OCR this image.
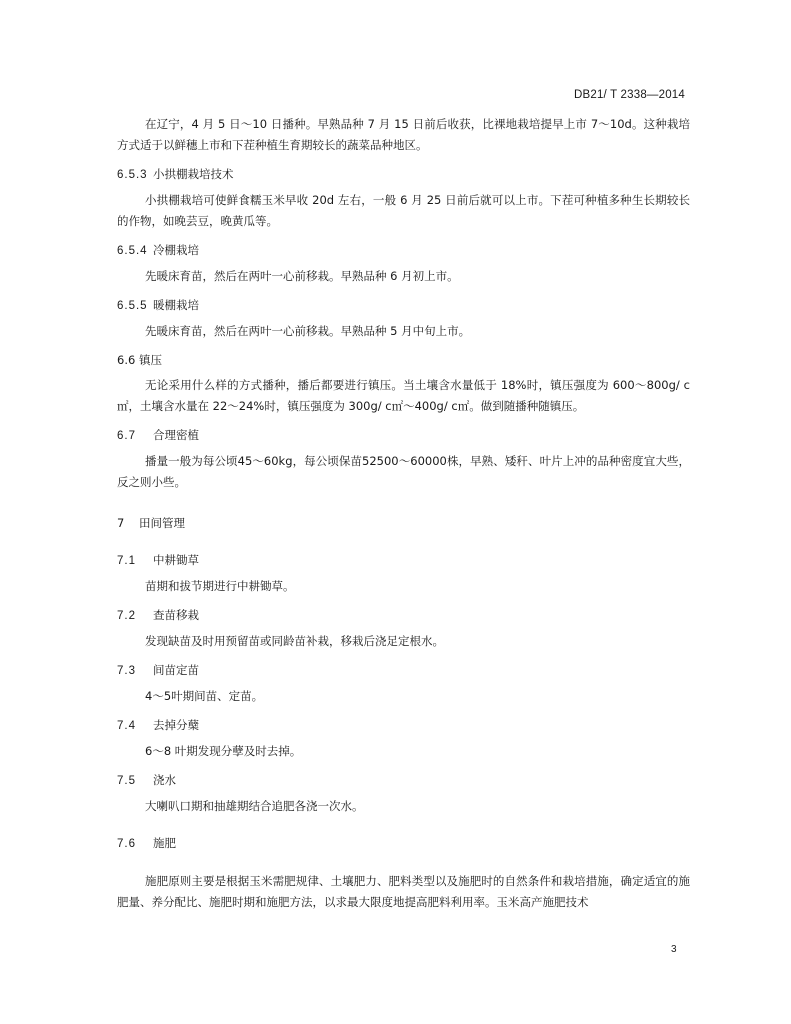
DB21/ T 2338—2014
在辽宁，4 月 5 日～10 日播种。早熟品种 7 月 15 日前后收获，比裸地栽培提早上市 7～10d。这种栽培方式适于以鲜穗上市和下茬种植生育期较长的蔬菜品种地区。
6.5.3 小拱棚栽培技术
小拱棚栽培可使鲜食糯玉米早收 20d 左右，一般 6 月 25 日前后就可以上市。下茬可种植多种生长期较长的作物，如晚芸豆，晚黄瓜等。
6.5.4 冷棚栽培
先暖床育苗，然后在两叶一心前移栽。早熟品种 6 月初上市。
6.5.5 暖棚栽培
先暖床育苗，然后在两叶一心前移栽。早熟品种 5 月中旬上市。
6.6 镇压
无论采用什么样的方式播种，播后都要进行镇压。当土壤含水量低于 18%时，镇压强度为 600～800g/ c㎡，土壤含水量在 22～24%时，镇压强度为 300g/ c㎡～400g/ c㎡。做到随播种随镇压。
6.7 合理密植
播量一般为每公顷45～60kg，每公顷保苗52500～60000株，早熟、矮秆、叶片上冲的品种密度宜大些，反之则小些。
7 田间管理
7.1 中耕锄草
苗期和拔节期进行中耕锄草。
7.2 查苗移栽
发现缺苗及时用预留苗或同龄苗补栽，移栽后浇足定根水。
7.3 间苗定苗
4～5叶期间苗、定苗。
7.4 去掉分蘖
6～8 叶期发现分孽及时去掉。
7.5 浇水
大喇叭口期和抽雄期结合追肥各浇一次水。
7.6 施肥
施肥原则主要是根据玉米需肥规律、土壤肥力、肥料类型以及施肥时的自然条件和栽培措施，确定适宜的施肥量、养分配比、施肥时期和施肥方法，以求最大限度地提高肥料利用率。玉米高产施肥技术
3
